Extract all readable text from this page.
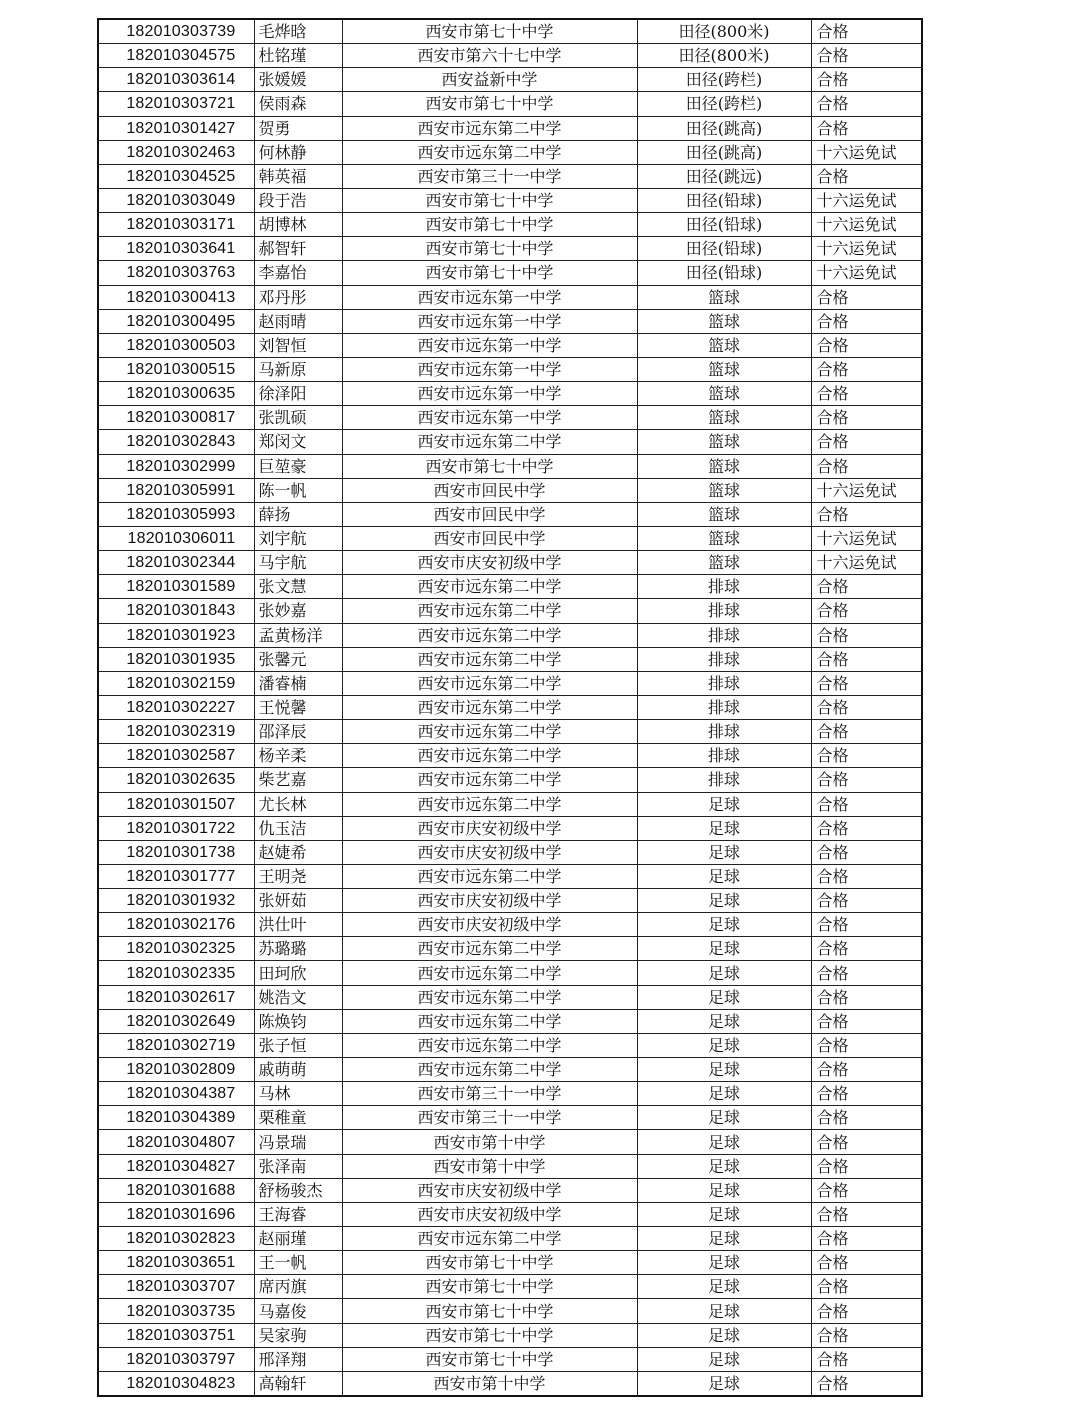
182010303739	毛烨晗	西安市第七十中学	田径(800米)	合格
182010304575	杜铭瑾	西安市第六十七中学	田径(800米)	合格
182010303614	张媛媛	西安益新中学	田径(跨栏)	合格
182010303721	侯雨森	西安市第七十中学	田径(跨栏)	合格
182010301427	贺勇	西安市远东第二中学	田径(跳高)	合格
182010302463	何林静	西安市远东第二中学	田径(跳高)	十六运免试
182010304525	韩英福	西安市第三十一中学	田径(跳远)	合格
182010303049	段于浩	西安市第七十中学	田径(铅球)	十六运免试
182010303171	胡博林	西安市第七十中学	田径(铅球)	十六运免试
182010303641	郝智轩	西安市第七十中学	田径(铅球)	十六运免试
182010303763	李嘉怡	西安市第七十中学	田径(铅球)	十六运免试
182010300413	邓丹彤	西安市远东第一中学	篮球	合格
182010300495	赵雨晴	西安市远东第一中学	篮球	合格
182010300503	刘智恒	西安市远东第一中学	篮球	合格
182010300515	马新原	西安市远东第一中学	篮球	合格
182010300635	徐泽阳	西安市远东第一中学	篮球	合格
182010300817	张凯硕	西安市远东第一中学	篮球	合格
182010302843	郑闵文	西安市远东第二中学	篮球	合格
182010302999	巨堃豪	西安市第七十中学	篮球	合格
182010305991	陈一帆	西安市回民中学	篮球	十六运免试
182010305993	薛扬	西安市回民中学	篮球	合格
182010306011	刘宇航	西安市回民中学	篮球	十六运免试
182010302344	马宇航	西安市庆安初级中学	篮球	十六运免试
182010301589	张文慧	西安市远东第二中学	排球	合格
182010301843	张妙嘉	西安市远东第二中学	排球	合格
182010301923	孟黄杨洋	西安市远东第二中学	排球	合格
182010301935	张馨元	西安市远东第二中学	排球	合格
182010302159	潘睿楠	西安市远东第二中学	排球	合格
182010302227	王悦馨	西安市远东第二中学	排球	合格
182010302319	邵泽辰	西安市远东第二中学	排球	合格
182010302587	杨辛柔	西安市远东第二中学	排球	合格
182010302635	柴艺嘉	西安市远东第二中学	排球	合格
182010301507	尤长林	西安市远东第二中学	足球	合格
182010301722	仇玉洁	西安市庆安初级中学	足球	合格
182010301738	赵婕希	西安市庆安初级中学	足球	合格
182010301777	王明尧	西安市远东第二中学	足球	合格
182010301932	张妍茹	西安市庆安初级中学	足球	合格
182010302176	洪仕叶	西安市庆安初级中学	足球	合格
182010302325	苏璐璐	西安市远东第二中学	足球	合格
182010302335	田珂欣	西安市远东第二中学	足球	合格
182010302617	姚浩文	西安市远东第二中学	足球	合格
182010302649	陈焕钧	西安市远东第二中学	足球	合格
182010302719	张子恒	西安市远东第二中学	足球	合格
182010302809	戚萌萌	西安市远东第二中学	足球	合格
182010304387	马林	西安市第三十一中学	足球	合格
182010304389	栗稚童	西安市第三十一中学	足球	合格
182010304807	冯景瑞	西安市第十中学	足球	合格
182010304827	张泽南	西安市第十中学	足球	合格
182010301688	舒杨骏杰	西安市庆安初级中学	足球	合格
182010301696	王海睿	西安市庆安初级中学	足球	合格
182010302823	赵丽瑾	西安市远东第二中学	足球	合格
182010303651	王一帆	西安市第七十中学	足球	合格
182010303707	席丙旗	西安市第七十中学	足球	合格
182010303735	马嘉俊	西安市第七十中学	足球	合格
182010303751	吴家驹	西安市第七十中学	足球	合格
182010303797	邢泽翔	西安市第七十中学	足球	合格
182010304823	高翰轩	西安市第十中学	足球	合格
